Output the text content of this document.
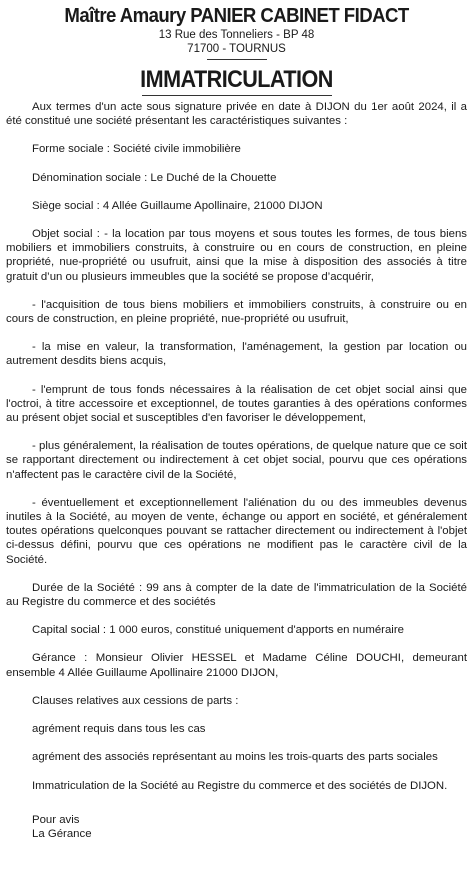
Maître Amaury PANIER CABINET FIDACT

13 Rue des Tonneliers - BP 48

71700 - TOURNUS

IMMATRICULATION

Aux termes d'un acte sous signature privée en date à DIJON du 1er août 2024, il a été constitué une société présentant les caractéristiques suivantes :

Forme sociale : Société civile immobilière

Dénomination sociale : Le Duché de la Chouette

Siège social : 4 Allée Guillaume Apollinaire, 21000 DIJON

Objet social : - la location par tous moyens et sous toutes les formes, de tous biens mobiliers et immobiliers construits, à construire ou en cours de construction, en pleine propriété, nue-propriété ou usufruit, ainsi que la mise à disposition des associés à titre gratuit d’un ou plusieurs immeubles que la société se propose d’acquérir,

- l'acquisition de tous biens mobiliers et immobiliers construits, à construire ou en cours de construction, en pleine propriété, nue-propriété ou usufruit,

- la mise en valeur, la transformation, l'aménagement, la gestion par location ou autrement desdits biens acquis,

- l'emprunt de tous fonds nécessaires à la réalisation de cet objet social ainsi que l'octroi, à titre accessoire et exceptionnel, de toutes garanties à des opérations conformes au présent objet social et susceptibles d'en favoriser le développement,

- plus généralement, la réalisation de toutes opérations, de quelque nature que ce soit se rapportant directement ou indirectement à cet objet social, pourvu que ces opérations n'affectent pas le caractère civil de la Société,

- éventuellement et exceptionnellement l'aliénation du ou des immeubles devenus inutiles à la Société, au moyen de vente, échange ou apport en société, et généralement toutes opérations quelconques pouvant se rattacher directement ou indirectement à l'objet ci-dessus défini, pourvu que ces opérations ne modifient pas le caractère civil de la Société.

Durée de la Société : 99 ans à compter de la date de l'immatriculation de la Société au Registre du commerce et des sociétés

Capital social : 1 000 euros, constitué uniquement d'apports en numéraire

Gérance : Monsieur Olivier HESSEL et Madame Céline DOUCHI, demeurant ensemble 4 Allée Guillaume Apollinaire 21000 DIJON,

Clauses relatives aux cessions de parts :

agrément requis dans tous les cas

agrément des associés représentant au moins les trois-quarts des parts sociales

Immatriculation de la Société au Registre du commerce et des sociétés de DIJON.

Pour avis

La Gérance
